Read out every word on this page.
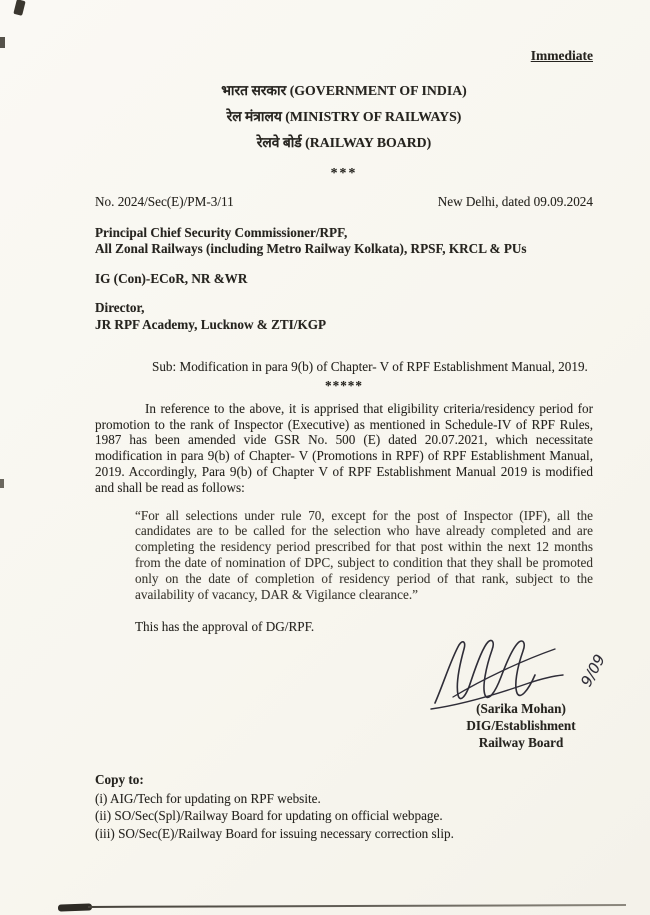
Immediate
भारत सरकार (GOVERNMENT OF INDIA)
रेल मंत्रालय (MINISTRY OF RAILWAYS)
रेलवे बोर्ड (RAILWAY BOARD)
***
No. 2024/Sec(E)/PM-3/11	New Delhi, dated 09.09.2024
Principal Chief Security Commissioner/RPF,
All Zonal Railways (including Metro Railway Kolkata), RPSF, KRCL & PUs
IG (Con)-ECoR, NR &WR
Director,
JR RPF Academy, Lucknow & ZTI/KGP
Sub: Modification in para 9(b) of Chapter- V of RPF Establishment Manual, 2019.
*****

In reference to the above, it is apprised that eligibility criteria/residency period for promotion to the rank of Inspector (Executive) as mentioned in Schedule-IV of RPF Rules, 1987 has been amended vide GSR No. 500 (E) dated 20.07.2021, which necessitate modification in para 9(b) of Chapter- V (Promotions in RPF) of RPF Establishment Manual, 2019. Accordingly, Para 9(b) of Chapter V of RPF Establishment Manual 2019 is modified and shall be read as follows:

“For all selections under rule 70, except for the post of Inspector (IPF), all the candidates are to be called for the selection who have already completed and are completing the residency period prescribed for that post within the next 12 months from the date of nomination of DPC, subject to condition that they shall be promoted only on the date of completion of residency period of that rank, subject to the availability of vacancy, DAR & Vigilance clearance.”

This has the approval of DG/RPF.

9/09
(Sarika Mohan)
DIG/Establishment
Railway Board
Copy to:
(i) AIG/Tech for updating on RPF website.
(ii) SO/Sec(Spl)/Railway Board for updating on official webpage.
(iii) SO/Sec(E)/Railway Board for issuing necessary correction slip.
